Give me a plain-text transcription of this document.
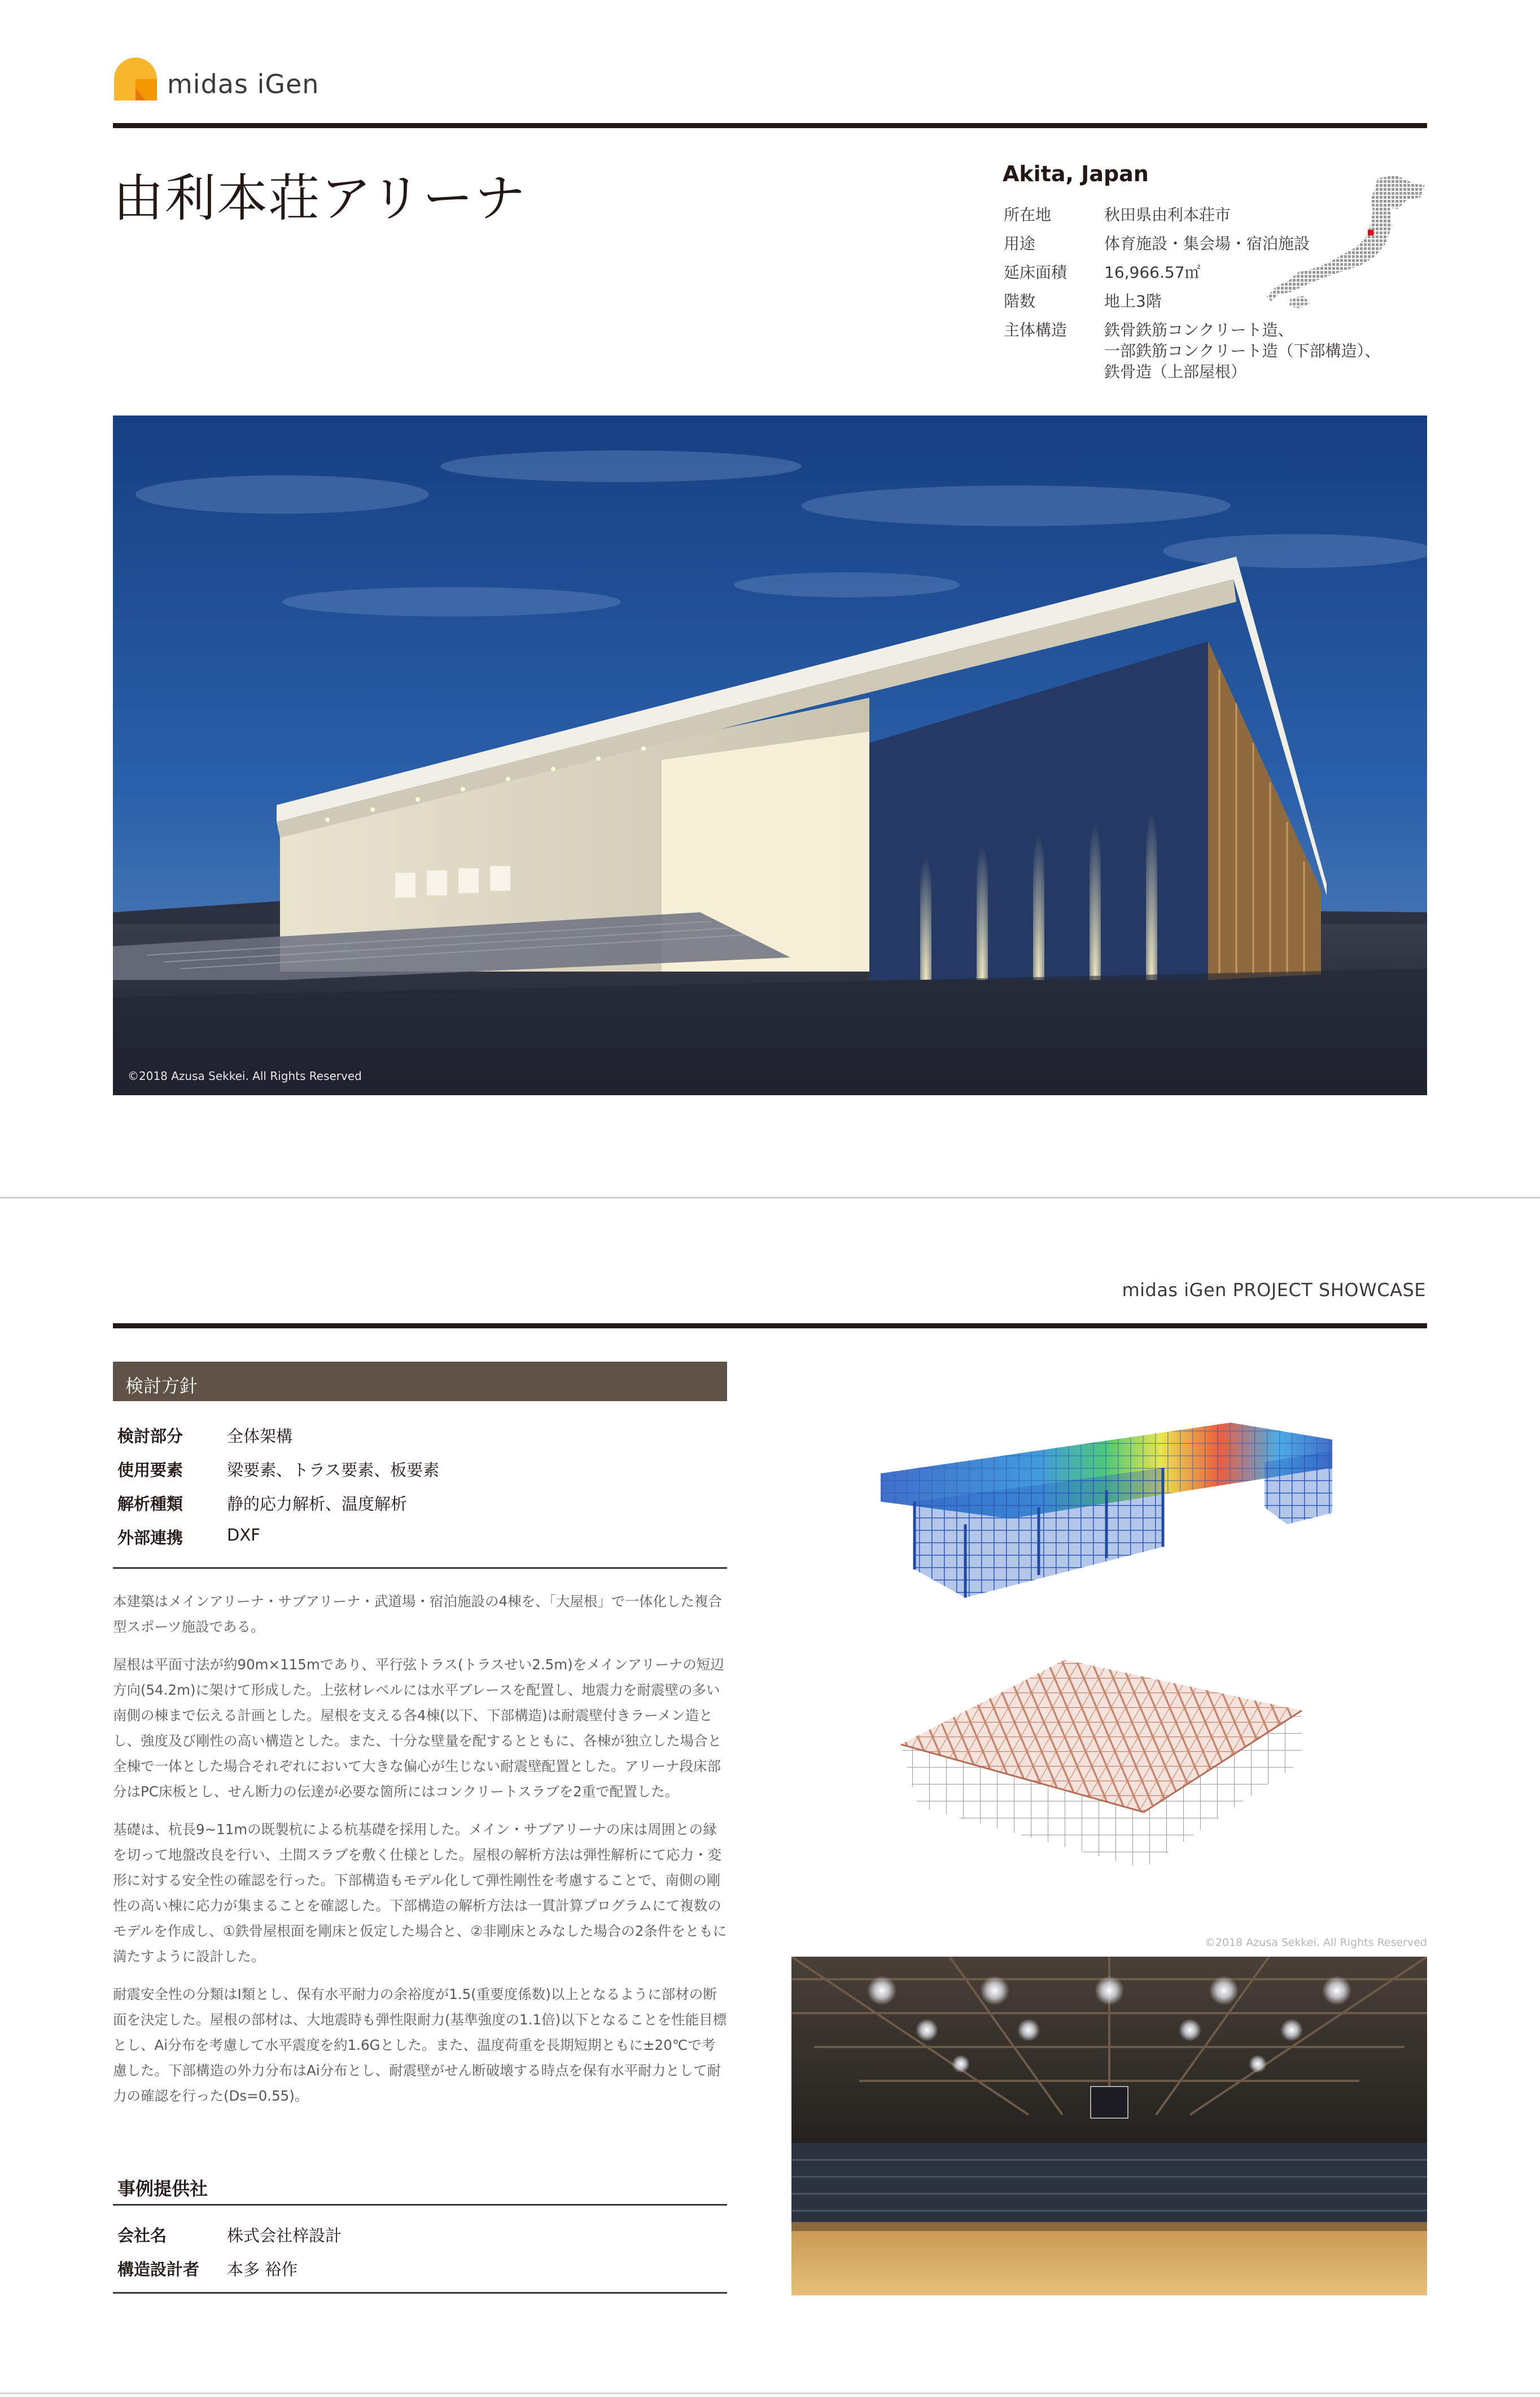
midas iGen
由利本荘アリーナ	Akita, Japan
所在地	秋田県由利本荘市
用途	体育施設・集会場・宿泊施設
延床面積	16,966.57㎡
階数	地上3階
主体構造	鉄骨鉄筋コンクリート造、
一部鉄筋コンクリート造（下部構造）、
鉄骨造（上部屋根）
©2018 Azusa Sekkei. All Rights Reserved
midas iGen PROJECT SHOWCASE
検討方針
検討部分	全体架構
使用要素	梁要素、トラス要素、板要素
解析種類	静的応力解析、温度解析
外部連携	DXF

本建築はメインアリーナ・サブアリーナ・武道場・宿泊施設の4棟を、「大屋根」で一体化した複合型スポーツ施設である。

屋根は平面寸法が約90m×115mであり、平行弦トラス(トラスせい2.5m)をメインアリーナの短辺方向(54.2m)に架けて形成した。上弦材レベルには水平ブレースを配置し、地震力を耐震壁の多い南側の棟まで伝える計画とした。屋根を支える各4棟(以下、下部構造)は耐震壁付きラーメン造とし、強度及び剛性の高い構造とした。また、十分な壁量を配するとともに、各棟が独立した場合と全棟で一体とした場合それぞれにおいて大きな偏心が生じない耐震壁配置とした。アリーナ段床部分はPC床板とし、せん断力の伝達が必要な箇所にはコンクリートスラブを2重で配置した。

基礎は、杭長9~11mの既製杭による杭基礎を採用した。メイン・サブアリーナの床は周囲との縁を切って地盤改良を行い、土間スラブを敷く仕様とした。屋根の解析方法は弾性解析にて応力・変形に対する安全性の確認を行った。下部構造もモデル化して弾性剛性を考慮することで、南側の剛性の高い棟に応力が集まることを確認した。下部構造の解析方法は一貫計算プログラムにて複数のモデルを作成し、①鉄骨屋根面を剛床と仮定した場合と、②非剛床とみなした場合の2条件をともに満たすように設計した。

耐震安全性の分類はⅠ類とし、保有水平耐力の余裕度が1.5(重要度係数)以上となるように部材の断面を決定した。屋根の部材は、大地震時も弾性限耐力(基準強度の1.1倍)以下となることを性能目標とし、Ai分布を考慮して水平震度を約1.6Gとした。また、温度荷重を長期短期ともに±20℃で考慮した。下部構造の外力分布はAi分布とし、耐震壁がせん断破壊する時点を保有水平耐力として耐力の確認を行った(Ds=0.55)。

事例提供社
会社名	株式会社梓設計
構造設計者	本多 裕作
©2018 Azusa Sekkei. All Rights Reserved
